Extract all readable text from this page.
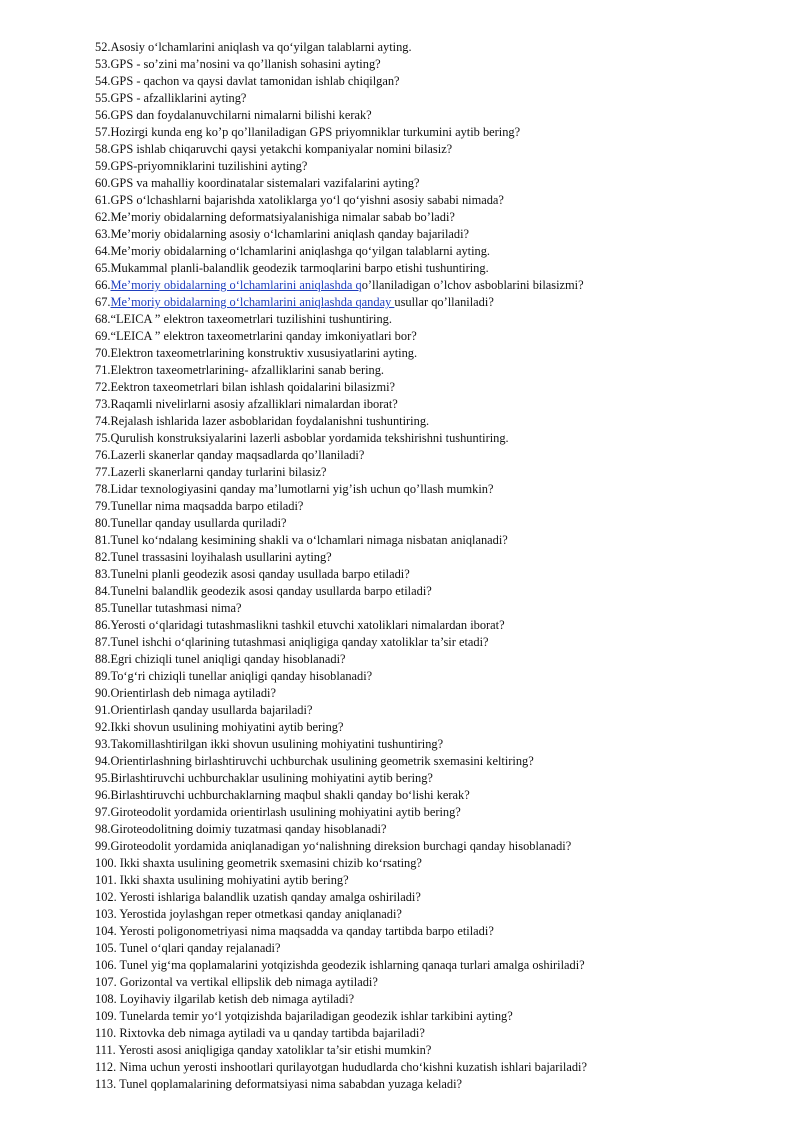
52.Asosiy o‘lchamlarini aniqlash va qo‘yilgan talablarni ayting.
53.GPS - so’zini ma’nosini va qo’llanish sohasini ayting?
54.GPS - qachon va qaysi davlat tamonidan ishlab chiqilgan?
55.GPS - afzalliklarini ayting?
56.GPS dan foydalanuvchilarni nimalarni bilishi kerak?
57.Hozirgi kunda eng ko’p qo’llaniladigan GPS priyomniklar turkumini aytib bering?
58.GPS ishlab chiqaruvchi qaysi yetakchi kompaniyalar nomini bilasiz?
59.GPS-priyomniklarini tuzilishini ayting?
60.GPS va mahalliy koordinatalar sistemalari vazifalarini ayting?
61.GPS o‘lchashlarni bajarishda xatoliklarga yo‘l qo‘yishni asosiy sababi nimada?
62.Me’moriy obidalarning deformatsiyalanishiga nimalar sabab bo’ladi?
63.Me’moriy obidalarning asosiy o‘lchamlarini aniqlash qanday bajariladi?
64.Me’moriy obidalarning o‘lchamlarini aniqlashga qo‘yilgan talablarni ayting.
65.Mukammal planli-balandlik geodezik tarmoqlarini barpo etishi tushuntiring.
66.Me’moriy obidalarning o‘lchamlarini aniqlashda qo’llaniladigan o’lchov asboblarini bilasizmi?
67.Me’moriy obidalarning o‘lchamlarini aniqlashda qanday usullar qo’llaniladi?
68.“LEICA ” elektron taxeometrlari tuzilishini tushuntiring.
69.“LEICA ” elektron taxeometrlarini qanday imkoniyatlari bor?
70.Elektron taxeometrlarining konstruktiv xususiyatlarini ayting.
71.Elektron taxeometrlarining- afzalliklarini sanab bering.
72.Eektron taxeometrlari bilan ishlash qoidalarini bilasizmi?
73.Raqamli nivelirlarni asosiy afzalliklari nimalardan iborat?
74.Rejalash ishlarida lazer asboblaridan foydalanishni tushuntiring.
75.Qurulish konstruksiyalarini lazerli asboblar yordamida tekshirishni tushuntiring.
76.Lazerli skanerlar qanday maqsadlarda qo’llaniladi?
77.Lazerli skanerlarni qanday turlarini bilasiz?
78.Lidar texnologiyasini qanday ma’lumotlarni yig’ish uchun qo’llash mumkin?
79.Tunellar nima maqsadda barpo etiladi?
80.Tunellar qanday usullarda quriladi?
81.Tunel ko‘ndalang kesimining shakli va o‘lchamlari nimaga nisbatan aniqlanadi?
82.Tunel trassasini loyihalash usullarini ayting?
83.Tunelni planli geodezik asosi qanday usullada barpo etiladi?
84.Tunelni balandlik geodezik asosi qanday usullarda barpo etiladi?
85.Tunellar tutashmasi nima?
86.Yerosti o‘qlaridagi tutashmaslikni tashkil etuvchi xatoliklari nimalardan iborat?
87.Tunel ishchi o‘qlarining tutashmasi aniqligiga qanday xatoliklar ta’sir etadi?
88.Egri chiziqli tunel aniqligi qanday hisoblanadi?
89.To‘g‘ri chiziqli tunellar aniqligi qanday hisoblanadi?
90.Orientirlash deb nimaga aytiladi?
91.Orientirlash qanday usullarda bajariladi?
92.Ikki shovun usulining mohiyatini aytib bering?
93.Takomillashtirilgan ikki shovun usulining mohiyatini tushuntiring?
94.Orientirlashning birlashtiruvchi uchburchak usulining geometrik sxemasini keltiring?
95.Birlashtiruvchi uchburchaklar usulining mohiyatini aytib bering?
96.Birlashtiruvchi uchburchaklarning maqbul shakli qanday bo‘lishi kerak?
97.Giroteodolit yordamida orientirlash usulining mohiyatini aytib bering?
98.Giroteodolitning doimiy tuzatmasi qanday hisoblanadi?
99.Giroteodolit yordamida aniqlanadigan yo‘nalishning direksion burchagi qanday hisoblanadi?
100. Ikki shaxta usulining geometrik sxemasini chizib ko‘rsating?
101. Ikki shaxta usulining mohiyatini aytib bering?
102. Yerosti ishlariga balandlik uzatish qanday amalga oshiriladi?
103. Yerostida joylashgan reper otmetkasi qanday aniqlanadi?
104. Yerosti poligonometriyasi nima maqsadda va qanday tartibda barpo etiladi?
105. Tunel o‘qlari qanday rejalanadi?
106. Tunel yig‘ma qoplamalarini yotqizishda geodezik ishlarning qanaqa turlari amalga oshiriladi?
107. Gorizontal va vertikal ellipslik deb nimaga aytiladi?
108. Loyihaviy ilgarilab ketish deb nimaga aytiladi?
109. Tunelarda temir yo‘l yotqizishda bajariladigan geodezik ishlar tarkibini ayting?
110. Rixtovka deb nimaga aytiladi va u qanday tartibda bajariladi?
111. Yerosti asosi aniqligiga qanday xatoliklar ta’sir etishi mumkin?
112. Nima uchun yerosti inshootlari qurilayotgan hududlarda cho‘kishni kuzatish ishlari bajariladi?
113. Tunel qoplamalarining deformatsiyasi nima sababdan yuzaga keladi?
